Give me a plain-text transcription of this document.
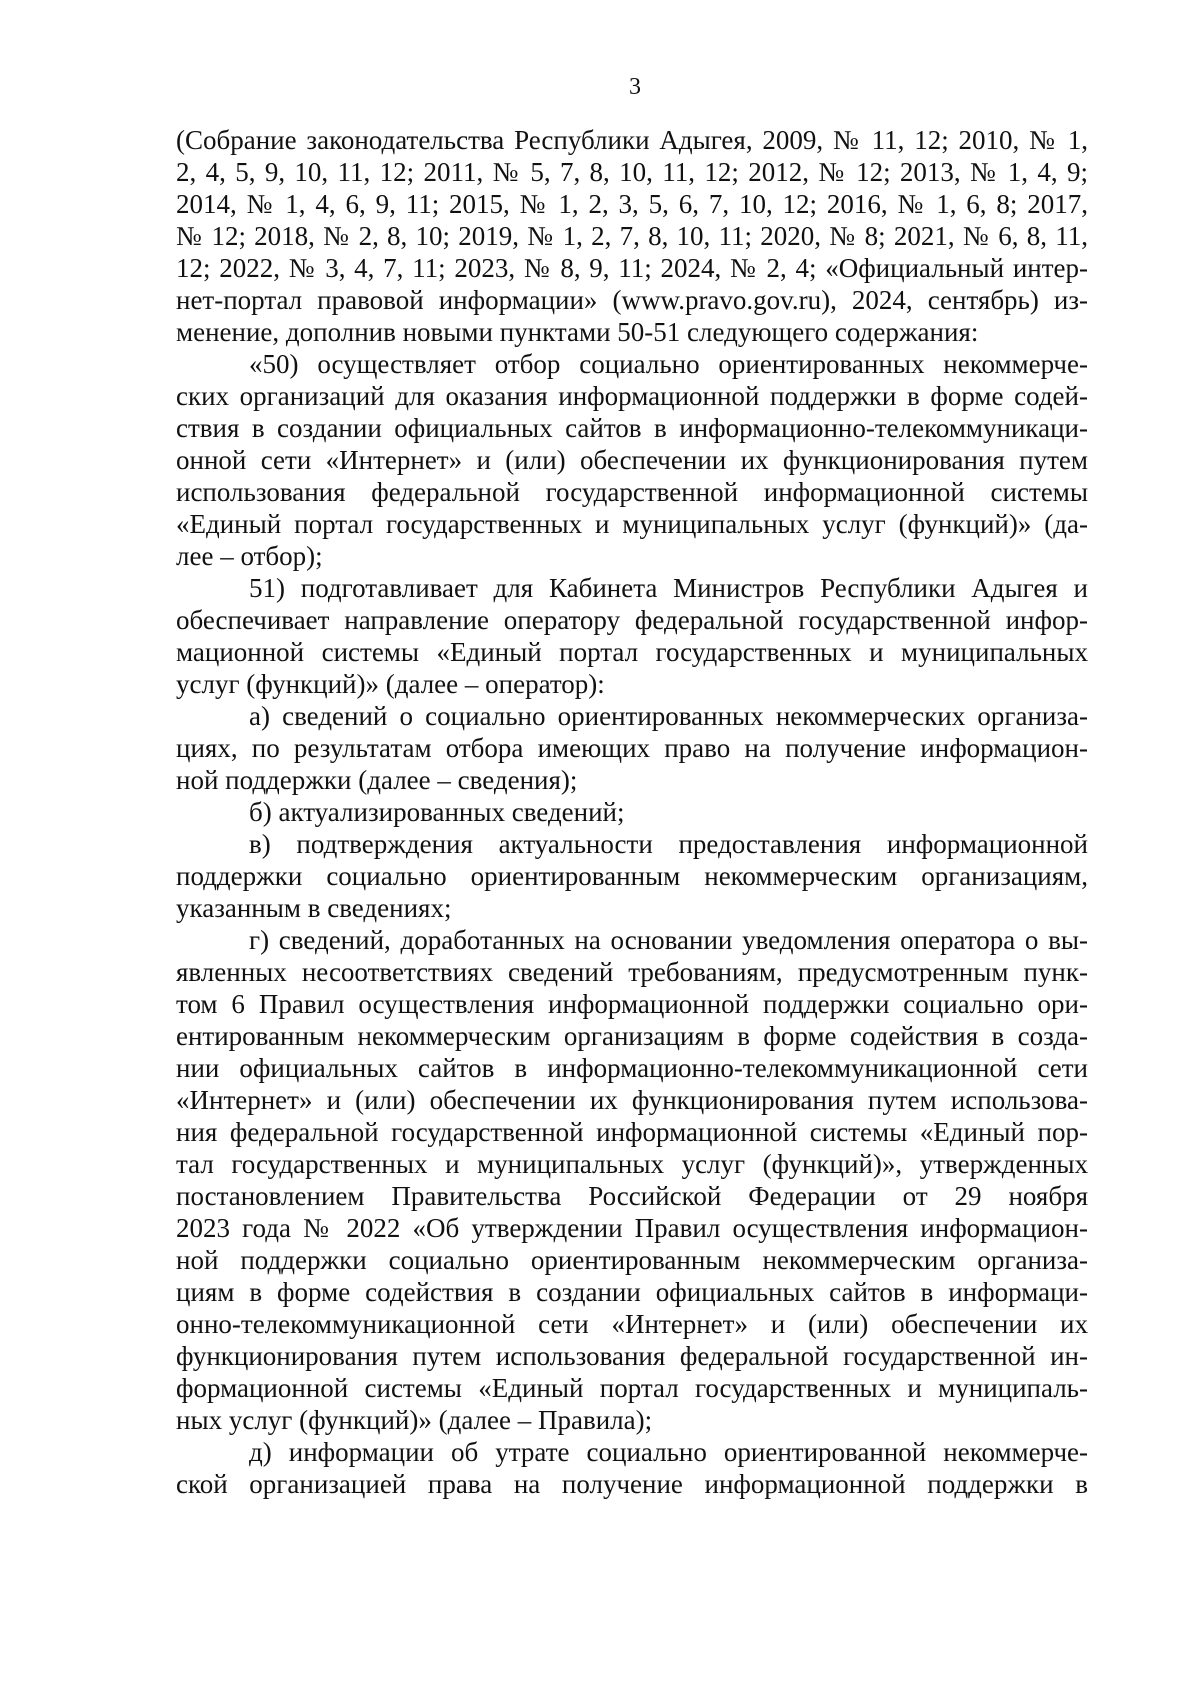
3
(Собрание законодательства Республики Адыгея, 2009, № 11, 12; 2010, № 1,
2, 4, 5, 9, 10, 11, 12; 2011, № 5, 7, 8, 10, 11, 12; 2012, № 12; 2013, № 1, 4, 9;
2014, № 1, 4, 6, 9, 11; 2015, № 1, 2, 3, 5, 6, 7, 10, 12; 2016, № 1, 6, 8; 2017,
№ 12; 2018, № 2, 8, 10; 2019, № 1, 2, 7, 8, 10, 11; 2020, № 8; 2021, № 6, 8, 11,
12; 2022, № 3, 4, 7, 11; 2023, № 8, 9, 11; 2024, № 2, 4; «Официальный интер-
нет-портал правовой информации» (www.pravo.gov.ru), 2024, сентябрь) из-
менение, дополнив новыми пунктами 50-51 следующего содержания:
«50) осуществляет отбор социально ориентированных некоммерче-
ских организаций для оказания информационной поддержки в форме содей-
ствия в создании официальных сайтов в информационно-телекоммуникаци-
онной сети «Интернет» и (или) обеспечении их функционирования путем
использования федеральной государственной информационной системы
«Единый портал государственных и муниципальных услуг (функций)» (да-
лее – отбор);
51) подготавливает для Кабинета Министров Республики Адыгея и
обеспечивает направление оператору федеральной государственной инфор-
мационной системы «Единый портал государственных и муниципальных
услуг (функций)» (далее – оператор):
а) сведений о социально ориентированных некоммерческих организа-
циях, по результатам отбора имеющих право на получение информацион-
ной поддержки (далее – сведения);
б) актуализированных сведений;
в) подтверждения актуальности предоставления информационной
поддержки социально ориентированным некоммерческим организациям,
указанным в сведениях;
г) сведений, доработанных на основании уведомления оператора о вы-
явленных несоответствиях сведений требованиям, предусмотренным пунк-
том 6 Правил осуществления информационной поддержки социально ори-
ентированным некоммерческим организациям в форме содействия в созда-
нии официальных сайтов в информационно-телекоммуникационной сети
«Интернет» и (или) обеспечении их функционирования путем использова-
ния федеральной государственной информационной системы «Единый пор-
тал государственных и муниципальных услуг (функций)», утвержденных
постановлением Правительства Российской Федерации от 29 ноября
2023 года № 2022 «Об утверждении Правил осуществления информацион-
ной поддержки социально ориентированным некоммерческим организа-
циям в форме содействия в создании официальных сайтов в информаци-
онно-телекоммуникационной сети «Интернет» и (или) обеспечении их
функционирования путем использования федеральной государственной ин-
формационной системы «Единый портал государственных и муниципаль-
ных услуг (функций)» (далее – Правила);
д) информации об утрате социально ориентированной некоммерче-
ской организацией права на получение информационной поддержки в
